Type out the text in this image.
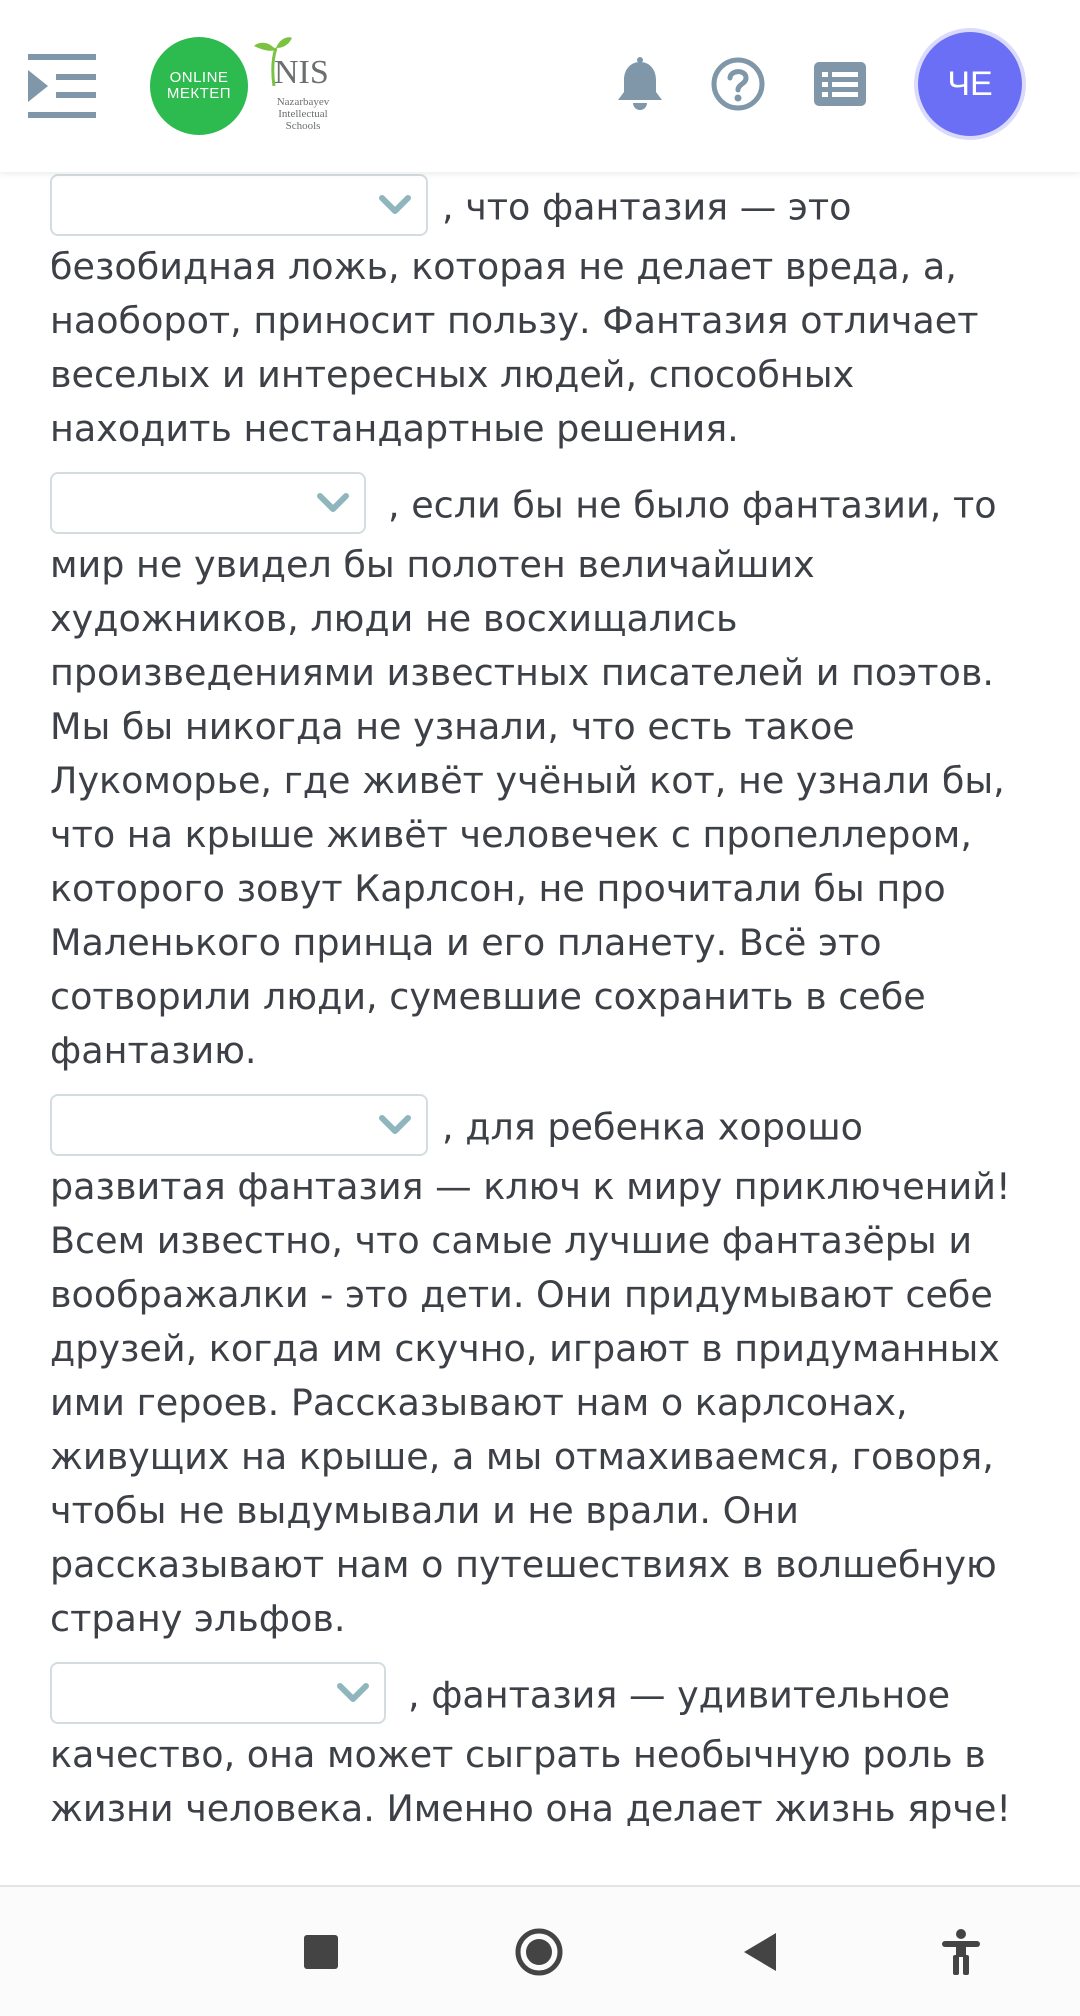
ONLINE
МЕКТЕП
NIS
Nazarbayev Intellectual Schools
ЧЕ

, что фантазия — это безобидная ложь, которая не делает вреда, а, наоборот, приносит пользу. Фантазия отличает веселых и интересных людей, способных находить нестандартные решения.

, если бы не было фантазии, то мир не увидел бы полотен величайших художников, люди не восхищались произведениями известных писателей и поэтов. Мы бы никогда не узнали, что есть такое Лукоморье, где живёт учёный кот, не узнали бы, что на крыше живёт человечек с пропеллером, которого зовут Карлсон, не прочитали бы про Маленького принца и его планету. Всё это сотворили люди, сумевшие сохранить в себе фантазию.

, для ребенка хорошо развитая фантазия — ключ к миру приключений! Всем известно, что самые лучшие фантазёры и воображалки - это дети. Они придумывают себе друзей, когда им скучно, играют в придуманных ими героев. Рассказывают нам о карлсонах, живущих на крыше, а мы отмахиваемся, говоря, чтобы не выдумывали и не врали. Они рассказывают нам о путешествиях в волшебную страну эльфов.

, фантазия — удивительное качество, она может сыграть необычную роль в жизни человека. Именно она делает жизнь ярче!
